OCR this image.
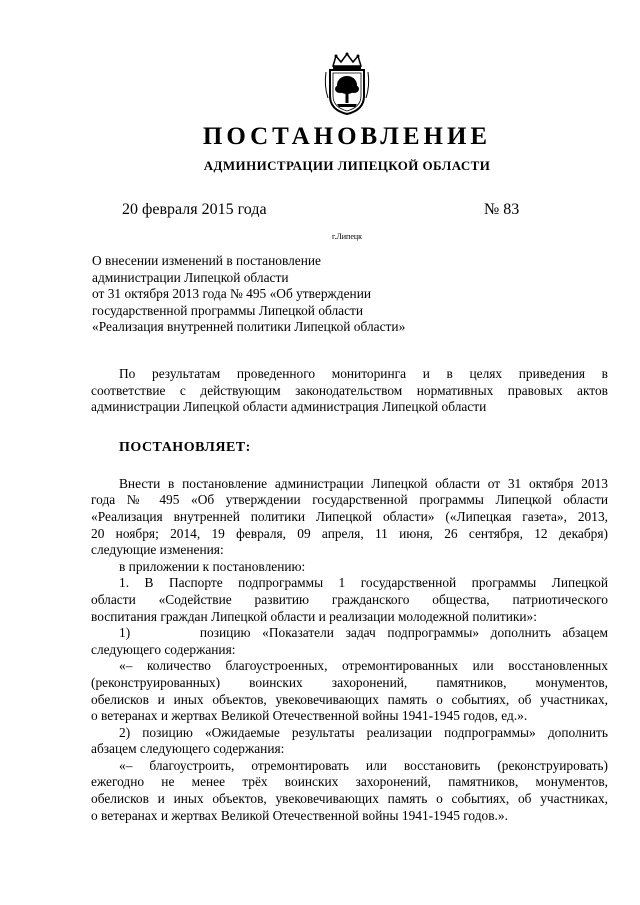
ПОСТАНОВЛЕНИЕ
АДМИНИСТРАЦИИ ЛИПЕЦКОЙ ОБЛАСТИ
20 февраля 2015 года	№ 83
г.Липецк
О внесении изменений в постановление
администрации Липецкой области
от 31 октября 2013 года № 495 «Об утверждении
государственной программы Липецкой области
«Реализация внутренней политики Липецкой области»
По результатам проведенного мониторинга и в целях приведения в
соответствие с действующим законодательством нормативных правовых актов
администрации Липецкой области администрация Липецкой области
ПОСТАНОВЛЯЕТ:
Внести в постановление администрации Липецкой области от 31 октября 2013
года № 495 «Об утверждении государственной программы Липецкой области
«Реализация внутренней политики Липецкой области» («Липецкая газета», 2013,
20 ноября; 2014, 19 февраля, 09 апреля, 11 июня, 26 сентября, 12 декабря)
следующие изменения:
в приложении к постановлению:
1. В Паспорте подпрограммы 1 государственной программы Липецкой
области «Содействие развитию гражданского общества, патриотического
воспитания граждан Липецкой области и реализации молодежной политики»:
1)      позицию «Показатели задач подпрограммы» дополнить абзацем
следующего содержания:
«– количество благоустроенных, отремонтированных или восстановленных
(реконструированных) воинских захоронений, памятников, монументов,
обелисков и иных объектов, увековечивающих память о событиях, об участниках,
о ветеранах и жертвах Великой Отечественной войны 1941-1945 годов, ед.».
2) позицию «Ожидаемые результаты реализации подпрограммы» дополнить
абзацем следующего содержания:
«– благоустроить, отремонтировать или восстановить (реконструировать)
ежегодно не менее трёх воинских захоронений, памятников, монументов,
обелисков и иных объектов, увековечивающих память о событиях, об участниках,
о ветеранах и жертвах Великой Отечественной войны 1941-1945 годов.».
